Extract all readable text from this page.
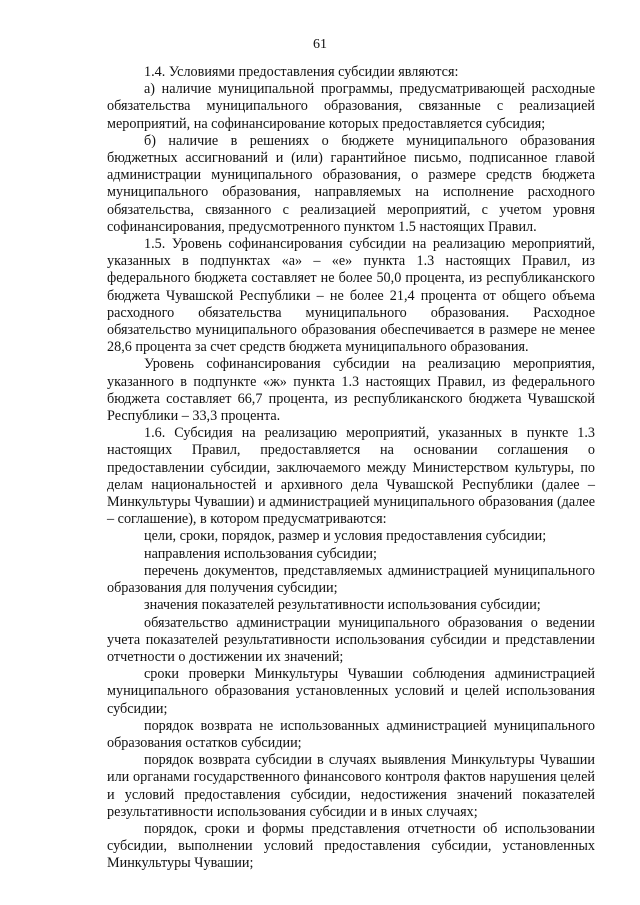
61

1.4. Условиями предоставления субсидии являются:

а) наличие муниципальной программы, предусматривающей расходные обязательства муниципального образования, связанные с реализацией мероприятий, на софинансирование которых предоставляется субсидия;

б) наличие в решениях о бюджете муниципального образования бюджетных ассигнований и (или) гарантийное письмо, подписанное главой администрации муниципального образования, о размере средств бюджета муниципального образования, направляемых на исполнение расходного обязательства, связанного с реализацией мероприятий, с учетом уровня софинансирования, предусмотренного пунктом 1.5 настоящих Правил.

1.5. Уровень софинансирования субсидии на реализацию мероприятий, указанных в подпунктах «а» – «е» пункта 1.3 настоящих Правил, из федерального бюджета составляет не более 50,0 процента, из республиканского бюджета Чувашской Республики – не более 21,4 процента от общего объема расходного обязательства муниципального образования. Расходное обязательство муниципального образования обеспечивается в размере не менее 28,6 процента за счет средств бюджета муниципального образования.

Уровень софинансирования субсидии на реализацию мероприятия, указанного в подпункте «ж» пункта 1.3 настоящих Правил, из федерального бюджета составляет 66,7 процента, из республиканского бюджета Чувашской Республики – 33,3 процента.

1.6. Субсидия на реализацию мероприятий, указанных в пункте 1.3 настоящих Правил, предоставляется на основании соглашения о предоставлении субсидии, заключаемого между Министерством культуры, по делам национальностей и архивного дела Чувашской Республики (далее – Минкультуры Чувашии) и администрацией муниципального образования (далее – соглашение), в котором предусматриваются:

цели, сроки, порядок, размер и условия предоставления субсидии;

направления использования субсидии;

перечень документов, представляемых администрацией муниципального образования для получения субсидии;

значения показателей результативности использования субсидии;

обязательство администрации муниципального образования о ведении учета показателей результативности использования субсидии и представлении отчетности о достижении их значений;

сроки проверки Минкультуры Чувашии соблюдения администрацией муниципального образования установленных условий и целей использования субсидии;

порядок возврата не использованных администрацией муниципального образования остатков субсидии;

порядок возврата субсидии в случаях выявления Минкультуры Чувашии или органами государственного финансового контроля фактов нарушения целей и условий предоставления субсидии, недостижения значений показателей результативности использования субсидии и в иных случаях;

порядок, сроки и формы представления отчетности об использовании субсидии, выполнении условий предоставления субсидии, установленных Минкультуры Чувашии;
